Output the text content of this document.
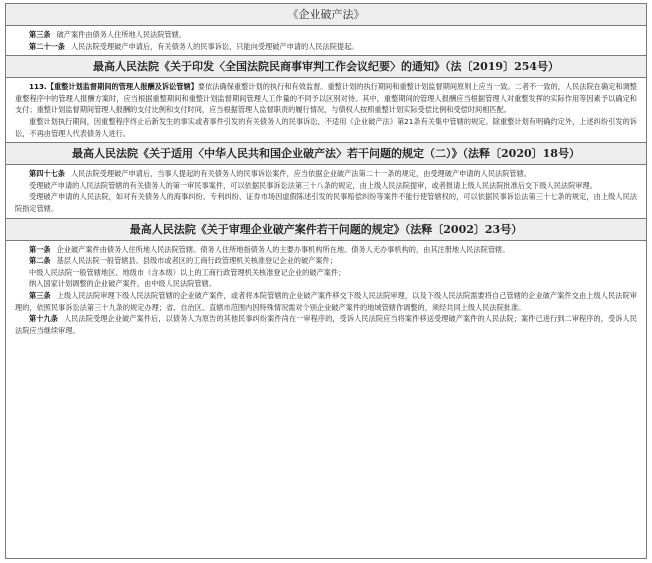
《企业破产法》

第三条 破产案件由债务人住所地人民法院管辖。

第二十一条 人民法院受理破产申请后，有关债务人的民事诉讼，只能向受理破产申请的人民法院提起。

最高人民法院《关于印发〈全国法院民商事审判工作会议纪要〉的通知》（法〔2019〕254号）

113.【重整计划监督期间的管理人报酬及诉讼管辖】要依法确保重整计划的执行和有效监督。重整计划的执行期间和重整计划监督期间原则上应当一致。二者不一致的，人民法院在确定和调整重整程序中的管理人报酬方案时，应当根据重整期间和重整计划监督期间管理人工作量的不同予以区别对待。其中，重整期间的管理人报酬应当根据管理人对重整发挥的实际作用等因素予以确定和支付；重整计划监督期间管理人报酬的支付比例和支付时间，应当根据管理人监督职责的履行情况，与债权人按照重整计划实际受偿比例和受偿时间相匹配。

重整计划执行期间，因重整程序终止后新发生的事实或者事件引发的有关债务人的民事诉讼，不适用《企业破产法》第21条有关集中管辖的规定。除重整计划有明确约定外，上述纠纷引发的诉讼，不再由管理人代表债务人进行。

最高人民法院《关于适用〈中华人民共和国企业破产法〉若干问题的规定（二）》（法释〔2020〕18号）

第四十七条 人民法院受理破产申请后，当事人提起的有关债务人的民事诉讼案件，应当依据企业破产法第二十一条的规定，由受理破产申请的人民法院管辖。

受理破产申请的人民法院管辖的有关债务人的第一审民事案件，可以依据民事诉讼法第三十八条的规定，由上级人民法院提审，或者报请上级人民法院批准后交下级人民法院审理。

受理破产申请的人民法院，如对有关债务人的海事纠纷、专利纠纷、证券市场因虚假陈述引发的民事赔偿纠纷等案件不能行使管辖权的，可以依据民事诉讼法第三十七条的规定，由上级人民法院指定管辖。

最高人民法院《关于审理企业破产案件若干问题的规定》（法释〔2002〕23号）

第一条 企业破产案件由债务人住所地人民法院管辖。债务人住所地指债务人的主要办事机构所在地。债务人无办事机构的，由其注册地人民法院管辖。

第二条 基层人民法院一般管辖县、县级市或者区的工商行政管理机关核准登记企业的破产案件；

中级人民法院一般管辖地区、地级市（含本级）以上的工商行政管理机关核准登记企业的破产案件；

纳入国家计划调整的企业破产案件，由中级人民法院管辖。

第三条 上级人民法院审理下级人民法院管辖的企业破产案件，或者将本院管辖的企业破产案件移交下级人民法院审理，以及下级人民法院需要将自己管辖的企业破产案件交由上级人民法院审理的，依照民事诉讼法第三十九条的规定办理；省、自治区、直辖市范围内因特殊情况需对个别企业破产案件的地域管辖作调整的，须经共同上级人民法院批准。

第十九条 人民法院受理企业破产案件后，以债务人为原告的其他民事纠纷案件尚在一审程序的，受诉人民法院应当将案件移送受理破产案件的人民法院；案件已进行到二审程序的，受诉人民法院应当继续审理。
